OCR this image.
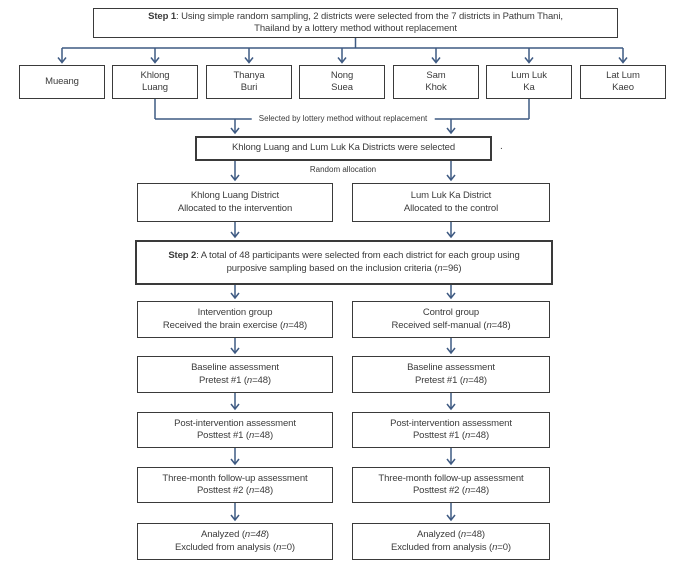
Step 1: Using simple random sampling, 2 districts were selected from the 7 districts in Pathum Thani,
Thailand by a lottery method without replacement
Mueang
Khlong
Luang
Thanya
Buri
Nong
Suea
Sam
Khok
Lum Luk
Ka
Lat Lum
Kaeo
Selected by lottery method without replacement
Khlong Luang and Lum Luk Ka Districts were selected	.
Random allocation
Khlong Luang District
Allocated to the intervention
Lum Luk Ka District
Allocated to the control
Step 2: A total of 48 participants were selected from each district for each group using
purposive sampling based on the inclusion criteria (n=96)
Intervention group
Received the brain exercise (n=48)
Control group
Received self-manual (n=48)
Baseline assessment
Pretest #1 (n=48)
Baseline assessment
Pretest #1 (n=48)
Post-intervention assessment
Posttest #1 (n=48)
Post-intervention assessment
Posttest #1 (n=48)
Three-month follow-up assessment
Posttest #2 (n=48)
Three-month follow-up assessment
Posttest #2 (n=48)
Analyzed (n=48)
Excluded from analysis (n=0)
Analyzed (n=48)
Excluded from analysis (n=0)
